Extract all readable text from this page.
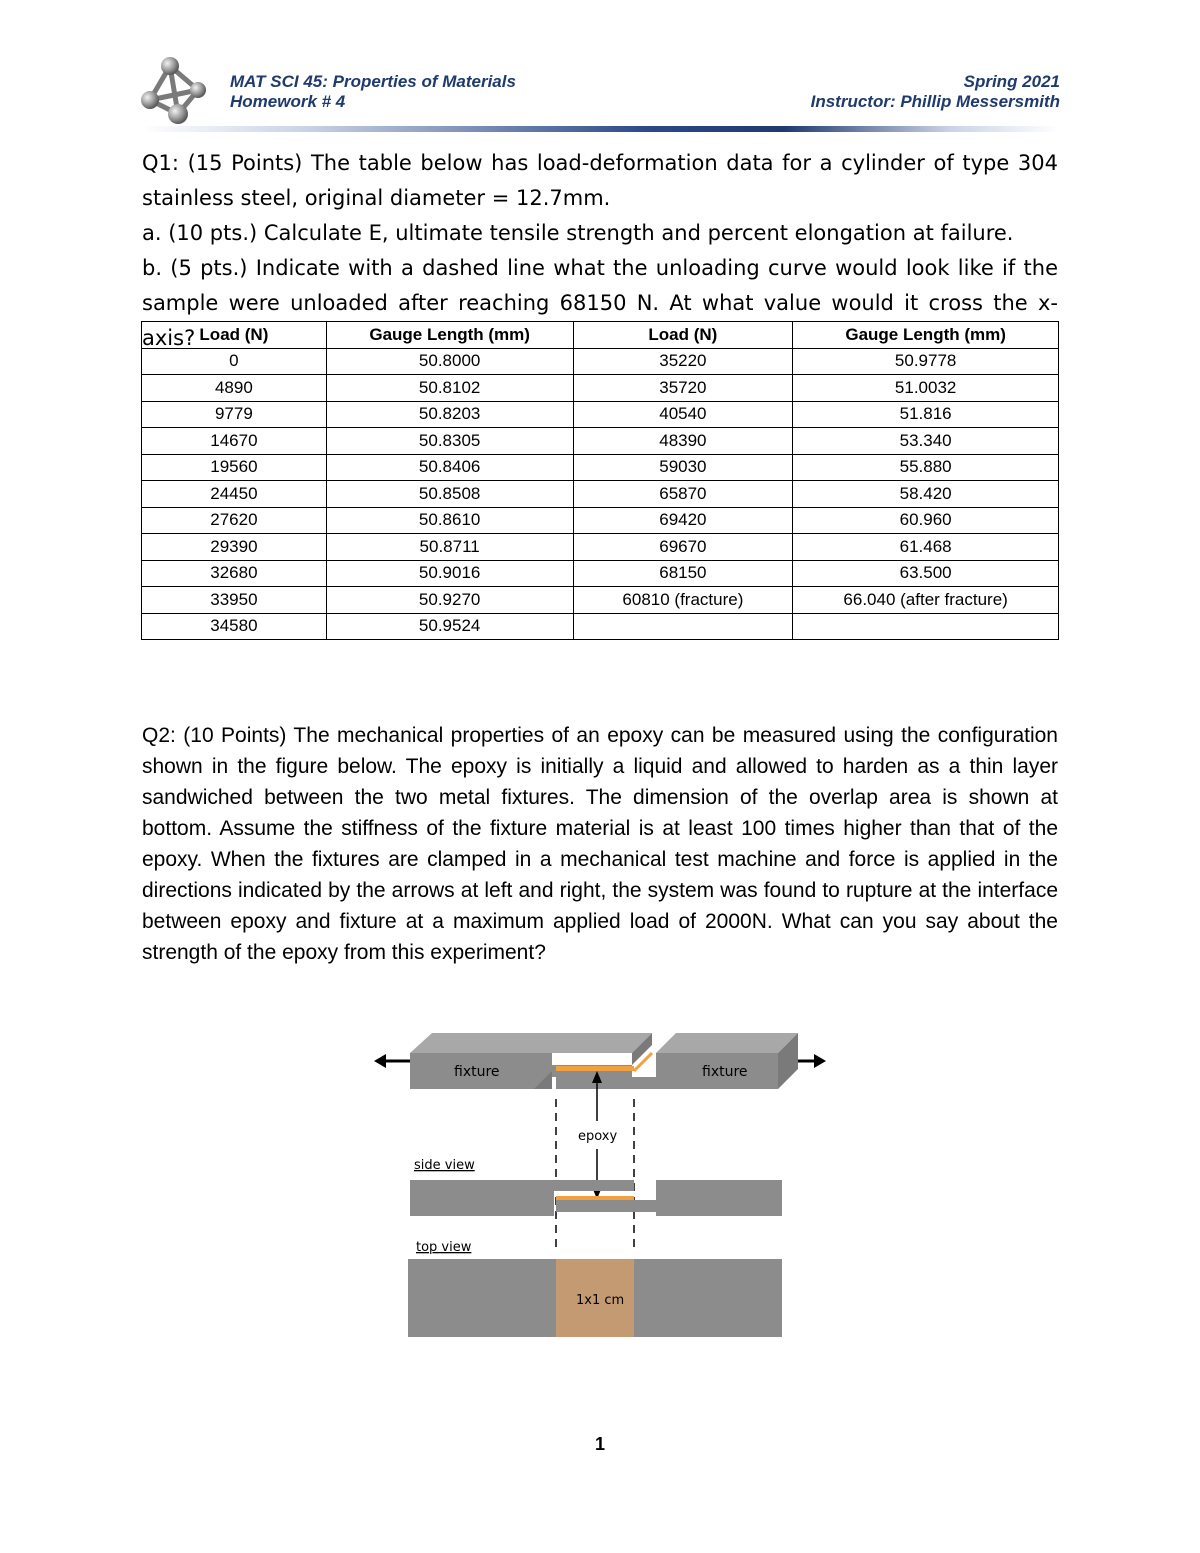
MAT SCI 45: Properties of Materials
Homework # 4
Spring 2021
Instructor: Phillip Messersmith

Q1: (15 Points) The table below has load-deformation data for a cylinder of type 304 stainless steel, original diameter = 12.7mm.

a. (10 pts.) Calculate E, ultimate tensile strength and percent elongation at failure.

b. (5 pts.) Indicate with a dashed line what the unloading curve would look like if the sample were unloaded after reaching 68150 N. At what value would it cross the x-axis? Load (N)	Gauge Length (mm)	Load (N)	Gauge Length (mm)
0	50.8000	35220	50.9778
4890	50.8102	35720	51.0032
9779	50.8203	40540	51.816
14670	50.8305	48390	53.340
19560	50.8406	59030	55.880
24450	50.8508	65870	58.420
27620	50.8610	69420	60.960
29390	50.8711	69670	61.468
32680	50.9016	68150	63.500
33950	50.9270	60810 (fracture)	66.040 (after fracture)
34580	50.9524		

Q2: (10 Points) The mechanical properties of an epoxy can be measured using the configuration shown in the figure below. The epoxy is initially a liquid and allowed to harden as a thin layer sandwiched between the two metal fixtures. The dimension of the overlap area is shown at bottom. Assume the stiffness of the fixture material is at least 100 times higher than that of the epoxy. When the fixtures are clamped in a mechanical test machine and force is applied in the directions indicated by the arrows at left and right, the system was found to rupture at the interface between epoxy and fixture at a maximum applied load of 2000N. What can you say about the strength of the epoxy from this experiment?

fixture	fixture
epoxy
side view
top view
1x1 cm
1
